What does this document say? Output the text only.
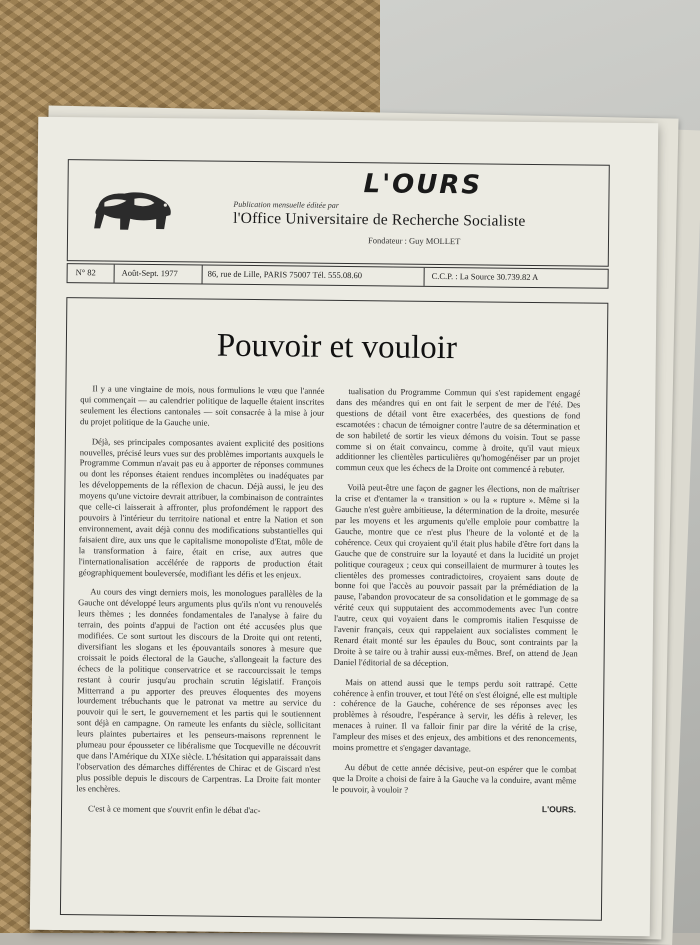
L'OURS
Publication mensuelle éditée par
l'Office Universitaire de Recherche Socialiste
Fondateur : Guy MOLLET
N° 82	Août-Sept. 1977	86, rue de Lille, PARIS 75007 Tél. 555.08.60	C.C.P. : La Source 30.739.82 A
Pouvoir et vouloir

Il y a une vingtaine de mois, nous formulions le vœu que l'année qui commençait — au calendrier politique de laquelle étaient inscrites seulement les élections cantonales — soit consacrée à la mise à jour du projet politique de la Gauche unie.

Déjà, ses principales composantes avaient explicité des positions nouvelles, précisé leurs vues sur des problèmes importants auxquels le Programme Commun n'avait pas eu à apporter de réponses communes ou dont les réponses étaient rendues incomplètes ou inadéquates par les développements de la réflexion de chacun. Déjà aussi, le jeu des moyens qu'une victoire devrait attribuer, la combinaison de contraintes que celle-ci laisserait à affronter, plus profondément le rapport des pouvoirs à l'intérieur du territoire national et entre la Nation et son environnement, avait déjà connu des modifications substantielles qui faisaient dire, aux uns que le capitalisme monopoliste d'Etat, môle de la transformation à faire, était en crise, aux autres que l'internationalisation accélérée de rapports de production était géographiquement bouleversée, modifiant les défis et les enjeux.

Au cours des vingt derniers mois, les monologues parallèles de la Gauche ont développé leurs arguments plus qu'ils n'ont vu renouvelés leurs thèmes ; les données fondamentales de l'analyse à faire du terrain, des points d'appui de l'action ont été accusées plus que modifiées. Ce sont surtout les discours de la Droite qui ont retenti, diversifiant les slogans et les épouvantails sonores à mesure que croissait le poids électoral de la Gauche, s'allongeait la facture des échecs de la politique conservatrice et se raccourcissait le temps restant à courir jusqu'au prochain scrutin législatif. François Mitterrand a pu apporter des preuves éloquentes des moyens lourdement trébuchants que le patronat va mettre au service du pouvoir qui le sert, le gouvernement et les partis qui le soutiennent sont déjà en campagne. On rameute les enfants du siècle, sollicitant leurs plaintes pubertaires et les penseurs-maisons reprennent le plumeau pour épousseter ce libéralisme que Tocqueville ne découvrit que dans l'Amérique du XIXe siècle. L'hésitation qui apparaissait dans l'observation des démarches différentes de Chirac et de Giscard n'est plus possible depuis le discours de Carpentras. La Droite fait monter les enchères.

C'est à ce moment que s'ouvrit enfin le débat d'ac-

tualisation du Programme Commun qui s'est rapidement engagé dans des méandres qui en ont fait le serpent de mer de l'été. Des questions de détail vont être exacerbées, des questions de fond escamotées : chacun de témoigner contre l'autre de sa détermination et de son habileté de sortir les vieux démons du voisin. Tout se passe comme si on était convaincu, comme à droite, qu'il vaut mieux additionner les clientèles particulières qu'homogénéiser par un projet commun ceux que les échecs de la Droite ont commencé à rebuter.

Voilà peut-être une façon de gagner les élections, non de maîtriser la crise et d'entamer la « transition » ou la « rupture ». Même si la Gauche n'est guère ambitieuse, la détermination de la droite, mesurée par les moyens et les arguments qu'elle emploie pour combattre la Gauche, montre que ce n'est plus l'heure de la volonté et de la cohérence. Ceux qui croyaient qu'il était plus habile d'être fort dans la Gauche que de construire sur la loyauté et dans la lucidité un projet politique courageux ; ceux qui conseillaient de murmurer à toutes les clientèles des promesses contradictoires, croyaient sans doute de bonne foi que l'accès au pouvoir passait par la prémédiation de la pause, l'abandon provocateur de sa consolidation et le gommage de sa vérité ceux qui supputaient des accommodements avec l'un contre l'autre, ceux qui voyaient dans le compromis italien l'esquisse de l'avenir français, ceux qui rappelaient aux socialistes comment le Renard était monté sur les épaules du Bouc, sont contraints par la Droite à se taire ou à trahir aussi eux-mêmes. Bref, on attend de Jean Daniel l'éditorial de sa déception.

Mais on attend aussi que le temps perdu soit rattrapé. Cette cohérence à enfin trouver, et tout l'été on s'est éloigné, elle est multiple : cohérence de la Gauche, cohérence de ses réponses avec les problèmes à résoudre, l'espérance à servir, les défis à relever, les menaces à ruiner. Il va falloir finir par dire la vérité de la crise, l'ampleur des mises et des enjeux, des ambitions et des renoncements, moins promettre et s'engager davantage.

Au début de cette année décisive, peut-on espérer que le combat que la Droite a choisi de faire à la Gauche va la conduire, avant même le pouvoir, à vouloir ?

L'OURS.
